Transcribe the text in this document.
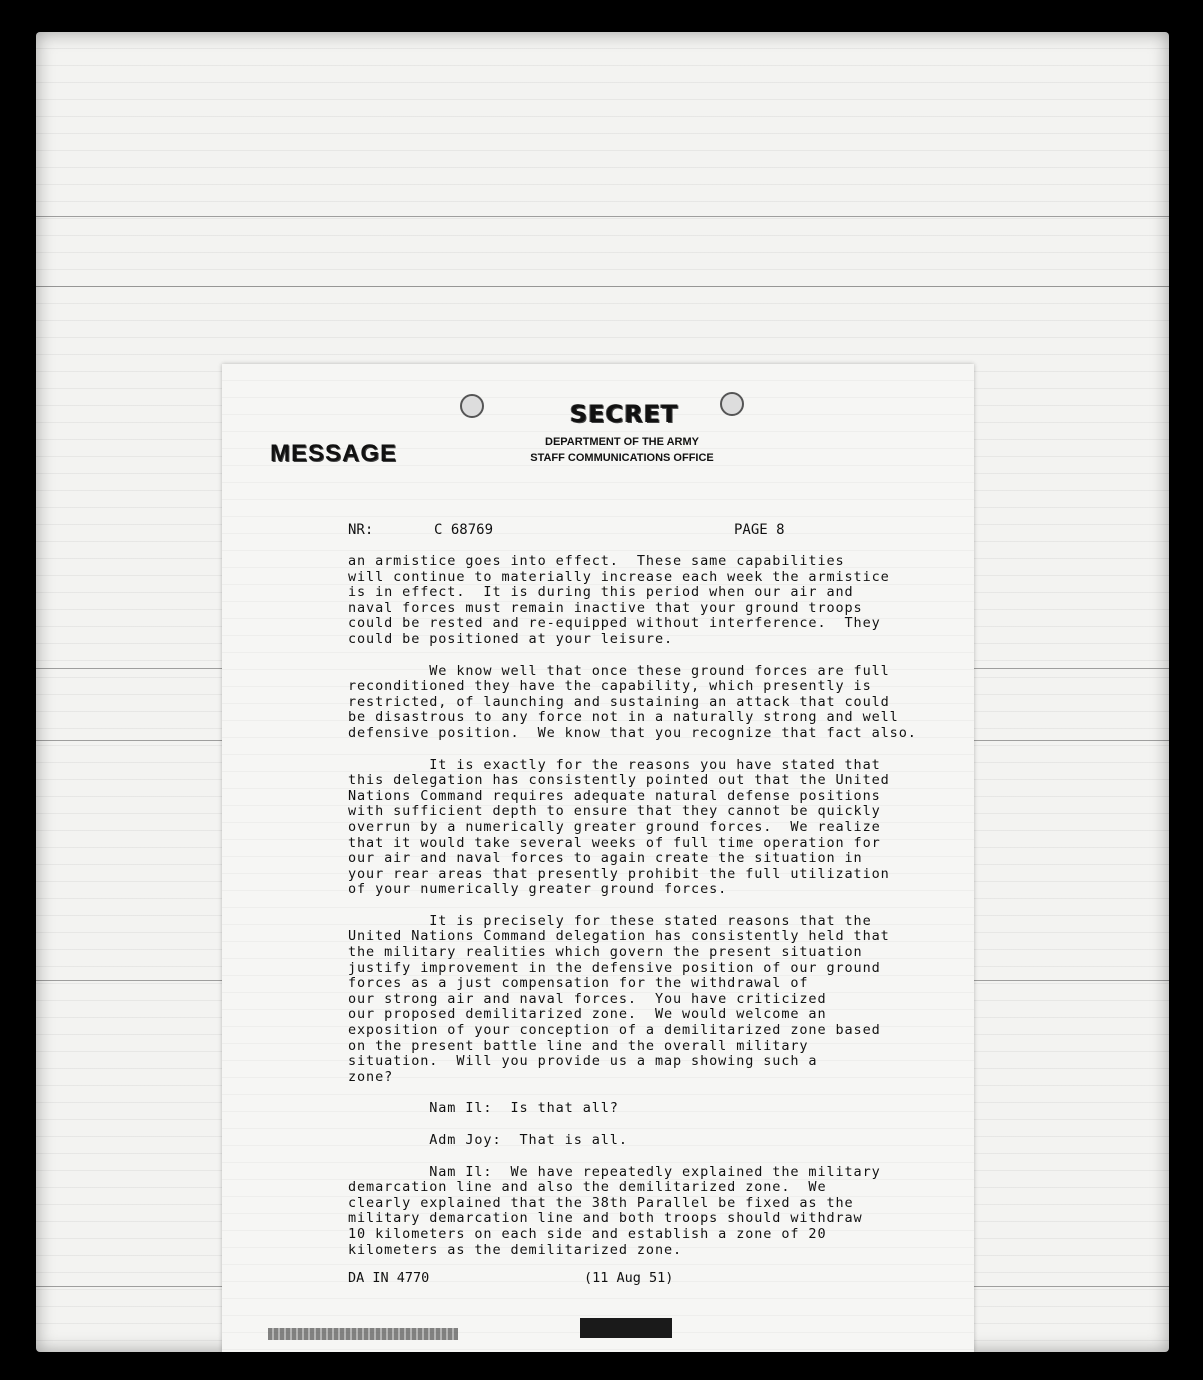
SECRET
MESSAGE	DEPARTMENT OF THE ARMY
STAFF COMMUNICATIONS OFFICE
NR:	C 68769	PAGE 8

an armistice goes into effect.  These same capabilities
will continue to materially increase each week the armistice
is in effect.  It is during this period when our air and
naval forces must remain inactive that your ground troops
could be rested and re-equipped without interference.  They
could be positioned at your leisure.

We know well that once these ground forces are full
reconditioned they have the capability, which presently is
restricted, of launching and sustaining an attack that could
be disastrous to any force not in a naturally strong and well
defensive position.  We know that you recognize that fact also.

It is exactly for the reasons you have stated that
this delegation has consistently pointed out that the United
Nations Command requires adequate natural defense positions
with sufficient depth to ensure that they cannot be quickly
overrun by a numerically greater ground forces.  We realize
that it would take several weeks of full time operation for
our air and naval forces to again create the situation in
your rear areas that presently prohibit the full utilization
of your numerically greater ground forces.

It is precisely for these stated reasons that the
United Nations Command delegation has consistently held that
the military realities which govern the present situation
justify improvement in the defensive position of our ground
forces as a just compensation for the withdrawal of
our strong air and naval forces.  You have criticized
our proposed demilitarized zone.  We would welcome an
exposition of your conception of a demilitarized zone based
on the present battle line and the overall military
situation.  Will you provide us a map showing such a
zone?

Nam Il:  Is that all?

Adm Joy:  That is all.

Nam Il:  We have repeatedly explained the military
demarcation line and also the demilitarized zone.  We
clearly explained that the 38th Parallel be fixed as the
military demarcation line and both troops should withdraw
10 kilometers on each side and establish a zone of 20
kilometers as the demilitarized zone.

DA IN 4770	(11 Aug 51)
